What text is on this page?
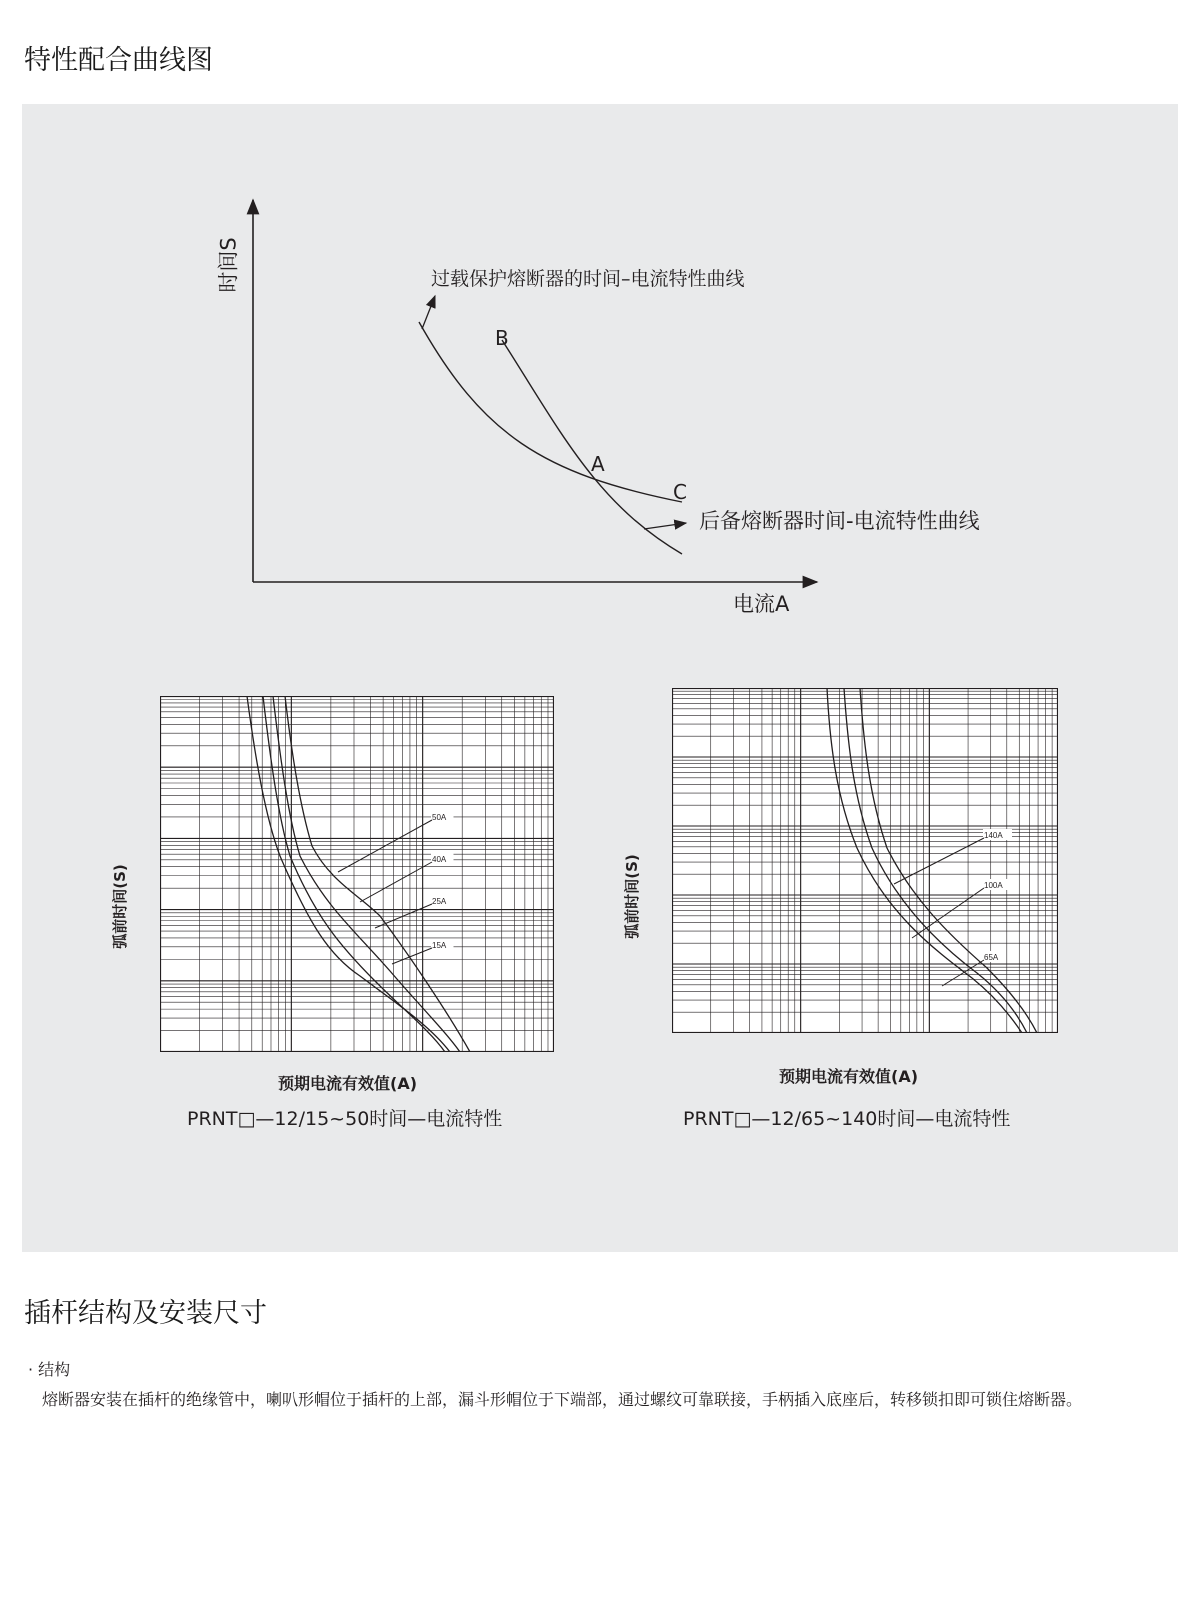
特性配合曲线图
时间S
电流A
过载保护熔断器的时间–电流特性曲线
后备熔断器时间-电流特性曲线
B
A
C
15A
25A
40A
50A
弧前时间(S)
预期电流有效值(A)
PRNT□—12/15~50时间—电流特性
65A
100A
140A
弧前时间(S)
预期电流有效值(A)
PRNT□—12/65~140时间—电流特性
插杆结构及安装尺寸
· 结构
熔断器安装在插杆的绝缘管中，喇叭形帽位于插杆的上部，漏斗形帽位于下端部，通过螺纹可靠联接，手柄插入底座后，转移锁扣即可锁住熔断器。
